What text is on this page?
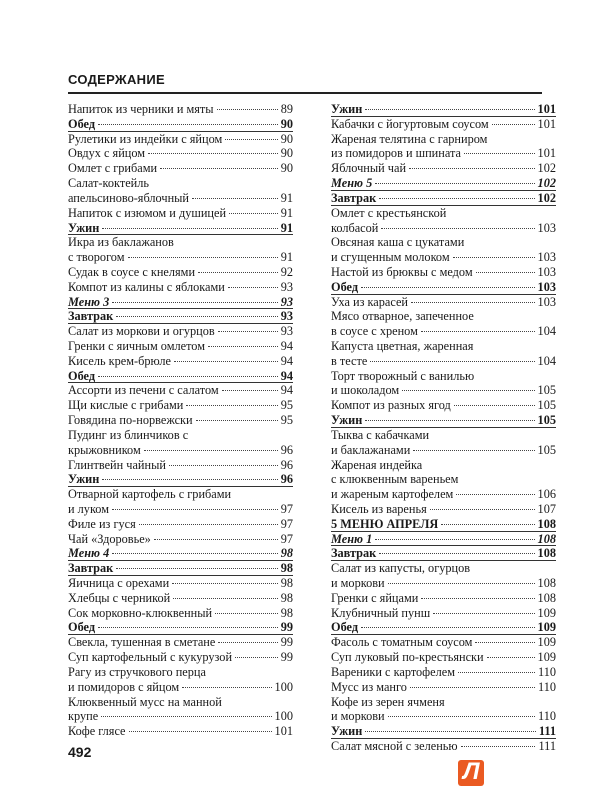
СОДЕРЖАНИЕ
Напиток из черники и мяты	89
Обед	90
Рулетики из индейки с яйцом	90
Овдух с яйцом	90
Омлет с грибами	90
Салат-коктейль
апельсиново-яблочный	91
Напиток с изюмом и душицей	91
Ужин	91
Икра из баклажанов
с творогом	91
Судак в соусе с кнелями	92
Компот из калины с яблоками	93
Меню 3	93
Завтрак	93
Салат из моркови и огурцов	93
Гренки с яичным омлетом	94
Кисель крем-брюле	94
Обед	94
Ассорти из печени с салатом	94
Щи кислые с грибами	95
Говядина по-норвежски	95
Пудинг из блинчиков с
крыжовником	96
Глинтвейн чайный	96
Ужин	96
Отварной картофель с грибами
и луком	97
Филе из гуся	97
Чай «Здоровье»	97
Меню 4	98
Завтрак	98
Яичница с орехами	98
Хлебцы с черникой	98
Сок морковно-клюквенный	98
Обед	99
Свекла, тушенная в сметане	99
Суп картофельный с кукурузой	99
Рагу из стручкового перца
и помидоров с яйцом	100
Клюквенный мусс на манной
крупе	100
Кофе глясе	101
Ужин	101
Кабачки с йогуртовым соусом	101
Жареная телятина с гарниром
из помидоров и шпината	101
Яблочный чай	102
Меню 5	102
Завтрак	102
Омлет с крестьянской
колбасой	103
Овсяная каша с цукатами
и сгущенным молоком	103
Настой из брюквы с медом	103
Обед	103
Уха из карасей	103
Мясо отварное, запеченное
в соусе с хреном	104
Капуста цветная, жаренная
в тесте	104
Торт творожный с ванилью
и шоколадом	105
Компот из разных ягод	105
Ужин	105
Тыква с кабачками
и баклажанами	105
Жареная индейка
с клюквенным вареньем
и жареным картофелем	106
Кисель из варенья	107
5 МЕНЮ АПРЕЛЯ	108
Меню 1	108
Завтрак	108
Салат из капусты, огурцов
и моркови	108
Гренки с яйцами	108
Клубничный пунш	109
Обед	109
Фасоль с томатным соусом	109
Суп луковый по-крестьянски	109
Вареники с картофелем	110
Мусс из манго	110
Кофе из зерен ячменя
и моркови	110
Ужин	111
Салат мясной с зеленью	111
492
Л
